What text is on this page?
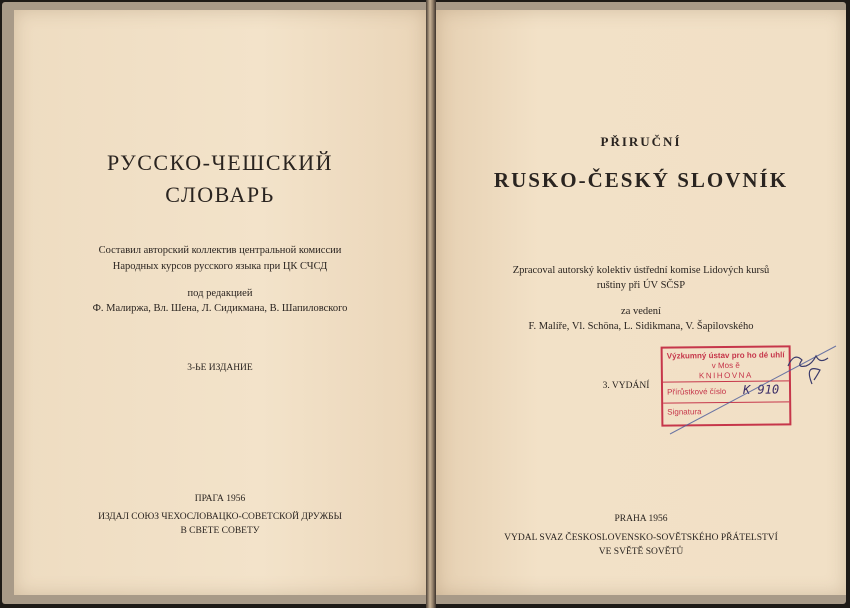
РУССКО-ЧЕШСКИЙ
СЛОВАРЬ
Составил авторский коллектив центральной комиссии
Народных курсов русского языка при ЦК СЧСД
под редакцией
Ф. Малиржа, Вл. Шена, Л. Сидикмана, В. Шапиловского
3-ЬЕ ИЗДАНИЕ
ПРАГА 1956
ИЗДАЛ СОЮЗ ЧЕХОСЛОВАЦКО-СОВЕТСКОЙ ДРУЖБЫ
В СВЕТЕ СОВЕТУ
PŘIRUČNÍ
RUSKO-ČESKÝ SLOVNÍK
Zpracoval autorský kolektiv ústřední komise Lidových kursů
ruštiny při ÚV SČSP
za vedení
F. Malíře, Vl. Schöna, L. Sidikmana, V. Šapilovského
3. VYDÁNÍ
PRAHA 1956
VYDAL SVAZ ČESKOSLOVENSKO-SOVĚTSKÉHO PŘÁTELSTVÍ
VE SVĚTĚ SOVĚTŮ
Výzkumný ústav pro ho dé uhlí
v Mos ě
KNIHOVNA
Přírůstkové číslo K 910
Signatura
